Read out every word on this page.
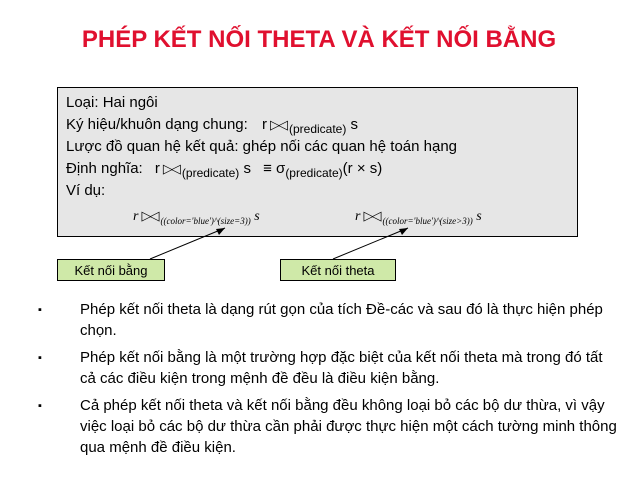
PHÉP KẾT NỐI THETA VÀ KẾT NỐI BẰNG
Loại: Hai ngôi
Ký hiệu/khuôn dạng chung: r ▷◁ $_{(predicate)}$ s
Lược đồ quan hệ kết quả: ghép nối các quan hệ toán hạng
Định nghĩa: r ▷◁ $_{(predicate)}$ $s \equiv \sigma_{(predicate)}(r \times s)$
Ví dụ:
r ▷◁ $_{((color='blue')\^{}(size=3))}$ s	r ▷◁ $_{((color='blue')\^{}(size>3))}$ s
Kết nối bằng	Kết nối theta
▪	Phép kết nối theta là dạng rút gọn của tích Đề-các và sau đó là thực hiện phép chọn.
▪	Phép kết nối bằng là một trường hợp đặc biệt của kết nối theta mà trong đó tất cả các điều kiện trong mệnh đề đều là điều kiện bằng.
▪	Cả phép kết nối theta và kết nối bằng đều không loại bỏ các bộ dư thừa, vì vậy việc loại bỏ các bộ dư thừa cần phải được thực hiện một cách tường minh thông qua mệnh đề điều kiện.
